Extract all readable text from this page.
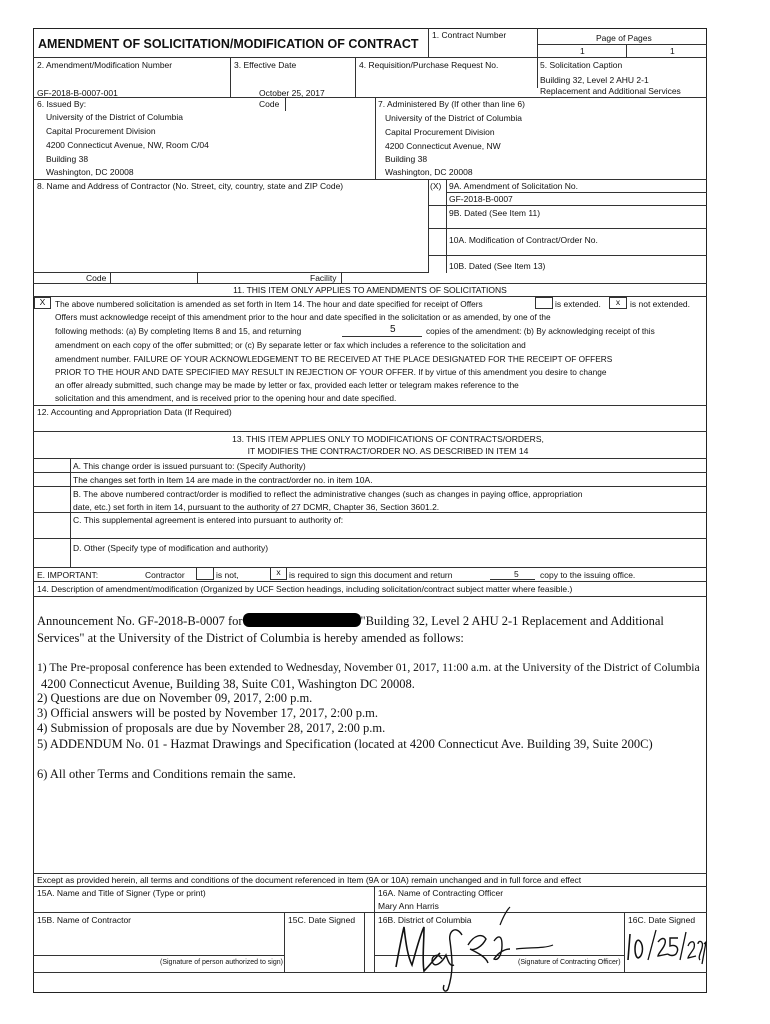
AMENDMENT OF SOLICITATION/MODIFICATION OF CONTRACT
1. Contract Number	Page of Pages
1	1
2. Amendment/Modification Number	3. Effective Date	4. Requisition/Purchase Request No.	5. Solicitation Caption
Building 32, Level 2 AHU 2-1
Replacement and Additional Services
GF-2018-B-0007-001	October 25, 2017
6. Issued By:	Code	7. Administered By (If other than line 6)
University of the District of Columbia
Capital Procurement Division
4200 Connecticut Avenue, NW, Room C/04
Building 38
Washington, DC 20008
University of the District of Columbia
Capital Procurement Division
4200 Connecticut Avenue, NW
Building 38
Washington, DC 20008
8. Name and Address of Contractor (No. Street, city, country, state and ZIP Code)	(X) 9A. Amendment of Solicitation No.
GF-2018-B-0007
9B. Dated (See Item 11)
10A. Modification of Contract/Order No.
10B. Dated (See Item 13)
Code	Facility
11. THIS ITEM ONLY APPLIES TO AMENDMENTS OF SOLICITATIONS
X	The above numbered solicitation is amended as set forth in Item 14. The hour and date specified for receipt of Offers	is extended.	x	is not extended.
Offers must acknowledge receipt of this amendment prior to the hour and date specified in the solicitation or as amended, by one of the
following methods: (a) By completing Items 8 and 15, and returning	5	copies of the amendment: (b) By acknowledging receipt of this
amendment on each copy of the offer submitted; or (c) By separate letter or fax which includes a reference to the solicitation and
amendment number. FAILURE OF YOUR ACKNOWLEDGEMENT TO BE RECEIVED AT THE PLACE DESIGNATED FOR THE RECEIPT OF OFFERS
PRIOR TO THE HOUR AND DATE SPECIFIED MAY RESULT IN REJECTION OF YOUR OFFER. If by virtue of this amendment you desire to change
an offer already submitted, such change may be made by letter or fax, provided each letter or telegram makes reference to the
solicitation and this amendment, and is received prior to the opening hour and date specified.
12. Accounting and Appropriation Data (If Required)
13. THIS ITEM APPLIES ONLY TO MODIFICATIONS OF CONTRACTS/ORDERS,
IT MODIFIES THE CONTRACT/ORDER NO. AS DESCRIBED IN ITEM 14
A. This change order is issued pursuant to: (Specify Authority)
The changes set forth in Item 14 are made in the contract/order no. in item 10A.
B. The above numbered contract/order is modified to reflect the administrative changes (such as changes in paying office, appropriation
date, etc.) set forth in item 14, pursuant to the authority of 27 DCMR, Chapter 36, Section 3601.2.
C. This supplemental agreement is entered into pursuant to authority of:
D. Other (Specify type of modification and authority)
E. IMPORTANT:	Contractor	is not,	x is required to sign this document and return	5	copy to the issuing office.
14. Description of amendment/modification (Organized by UCF Section headings, including solicitation/contract subject matter where feasible.)
Announcement No. GF-2018-B-0007 for	"Building 32, Level 2 AHU 2-1 Replacement and Additional
Services" at the University of the District of Columbia is hereby amended as follows:
1) The Pre-proposal conference has been extended to Wednesday, November 01, 2017, 11:00 a.m. at the University of the District of Columbia
4200 Connecticut Avenue, Building 38, Suite C01, Washington DC 20008.
2) Questions are due on November 09, 2017, 2:00 p.m.
3) Official answers will be posted by November 17, 2017, 2:00 p.m.
4) Submission of proposals are due by November 28, 2017, 2:00 p.m.
5) ADDENDUM No. 01 - Hazmat Drawings and Specification (located at 4200 Connecticut Ave. Building 39, Suite 200C)
6) All other Terms and Conditions remain the same.
Except as provided herein, all terms and conditions of the document referenced in Item (9A or 10A) remain unchanged and in full force and effect
15A. Name and Title of Signer (Type or print)	16A. Name of Contracting Officer
Mary Ann Harris
15B. Name of Contractor	15C. Date Signed	16B. District of Columbia	16C. Date Signed
(Signature of person authorized to sign)	(Signature of Contracting Officer)
